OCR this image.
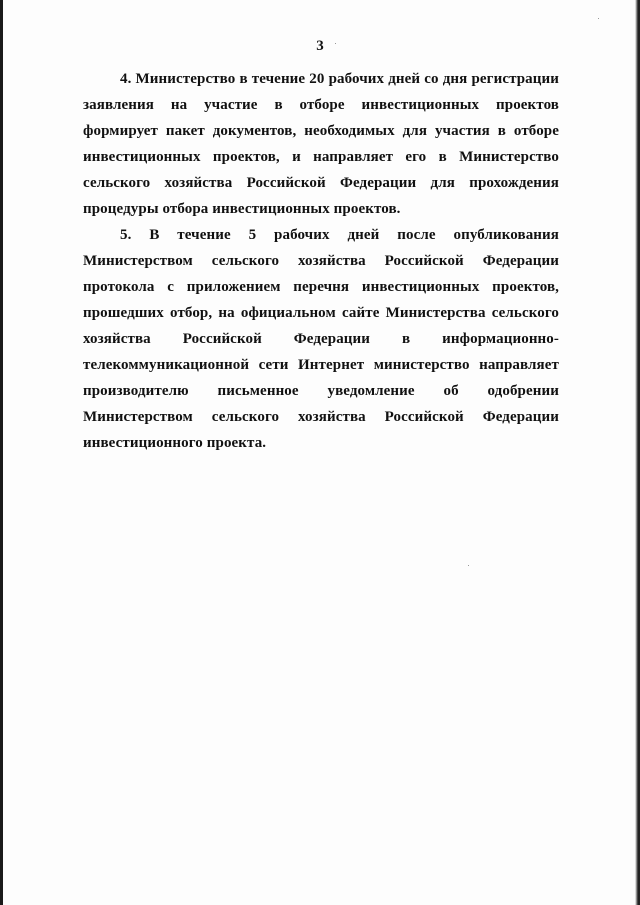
3

4. Министерство в течение 20 рабочих дней со дня регистрации заявления на участие в отборе инвестиционных проектов формирует пакет документов, необходимых для участия в отборе инвестиционных проектов, и направляет его в Министерство сельского хозяйства Российской Федерации для прохождения процедуры отбора инвестиционных проектов.

5. В течение 5 рабочих дней после опубликования Министерством сельского хозяйства Российской Федерации протокола с приложением перечня инвестиционных проектов, прошедших отбор, на официальном сайте Министерства сельского хозяйства Российской Федерации в информационно-телекоммуникационной сети Интернет министерство направляет производителю письменное уведомление об одобрении Министерством сельского хозяйства Российской Федерации инвестиционного проекта.
